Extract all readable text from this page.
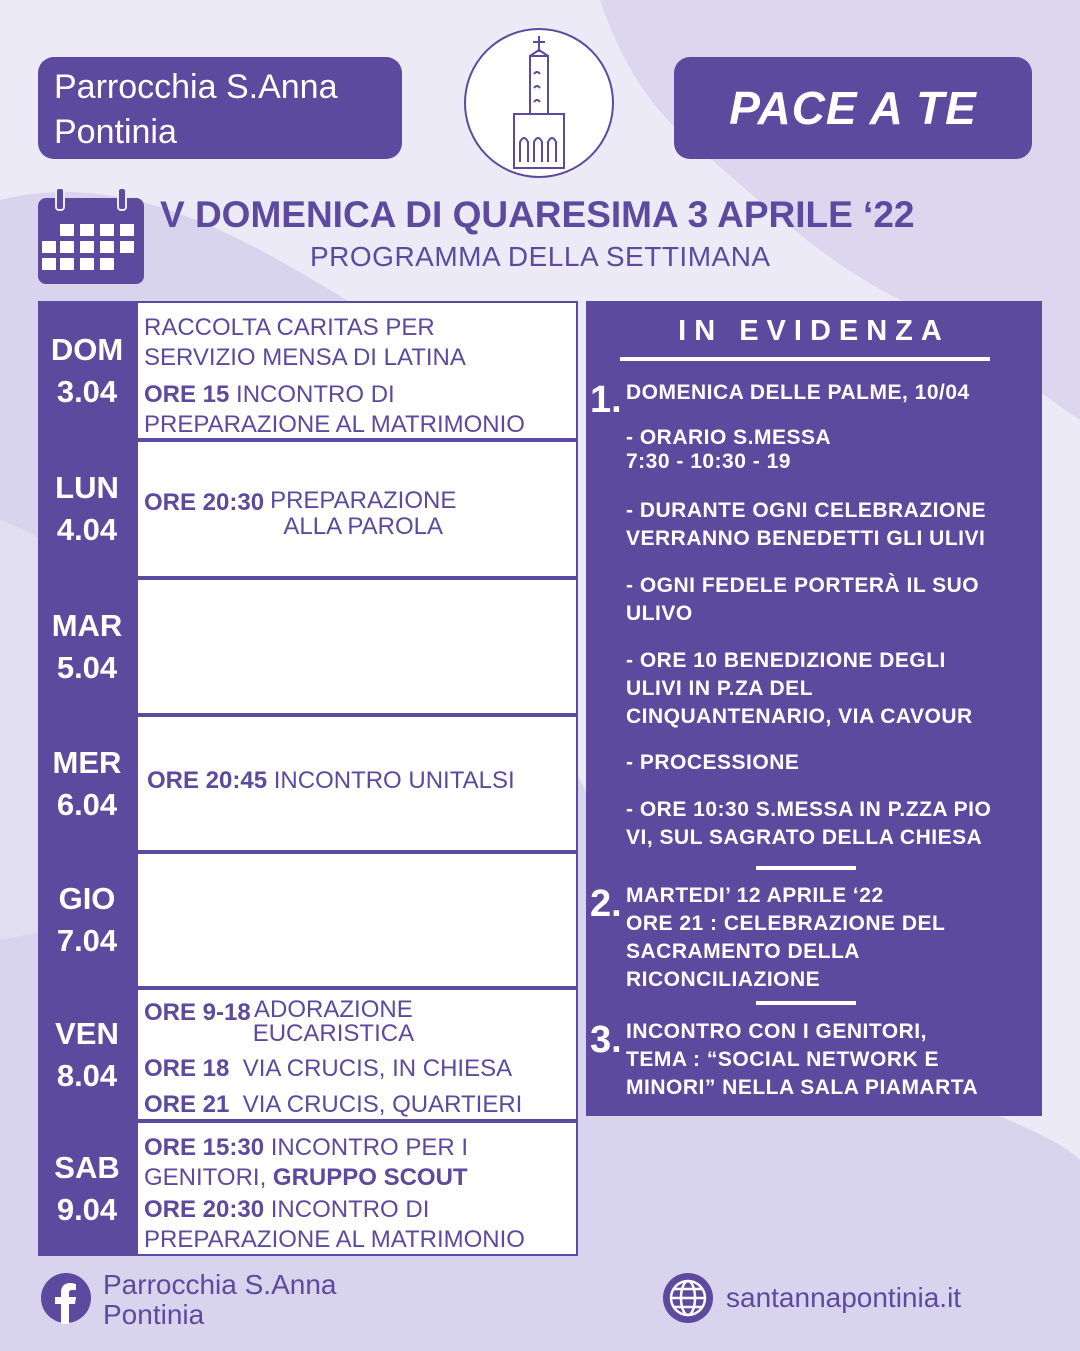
Parrocchia S.Anna
Pontinia	PACE A TE
V DOMENICA DI QUARESIMA 3 APRILE ‘22
PROGRAMMA DELLA SETTIMANA
DOM
3.04
RACCOLTA CARITAS PER
SERVIZIO MENSA DI LATINA
ORE 15 INCONTRO DI
PREPARAZIONE AL MATRIMONIO
LUN
4.04
ORE 20:30 PREPARAZIONE
ALLA PAROLA
MAR
5.04
MER
6.04
ORE 20:45 INCONTRO UNITALSI
GIO
7.04
VEN
8.04
ORE 9-18 ADORAZIONE
EUCARISTICA
ORE 18  VIA CRUCIS, IN CHIESA
ORE 21  VIA CRUCIS, QUARTIERI
SAB
9.04
ORE 15:30 INCONTRO PER I
GENITORI, GRUPPO SCOUT
ORE 20:30 INCONTRO DI
PREPARAZIONE AL MATRIMONIO
IN EVIDENZA
1. DOMENICA DELLE PALME, 10/04
- ORARIO S.MESSA
7:30 - 10:30 - 19
- DURANTE OGNI CELEBRAZIONE
VERRANNO BENEDETTI GLI ULIVI
- OGNI FEDELE PORTERÀ IL SUO
ULIVO
- ORE 10 BENEDIZIONE DEGLI
ULIVI IN P.ZA DEL
CINQUANTENARIO, VIA CAVOUR
- PROCESSIONE
- ORE 10:30 S.MESSA IN P.ZZA PIO
VI, SUL SAGRATO DELLA CHIESA
2. MARTEDI’ 12 APRILE ‘22
ORE 21 : CELEBRAZIONE DEL
SACRAMENTO DELLA
RICONCILIAZIONE
3. INCONTRO CON I GENITORI,
TEMA : “SOCIAL NETWORK E
MINORI” NELLA SALA PIAMARTA
Parrocchia S.Anna
Pontinia
santannapontinia.it
